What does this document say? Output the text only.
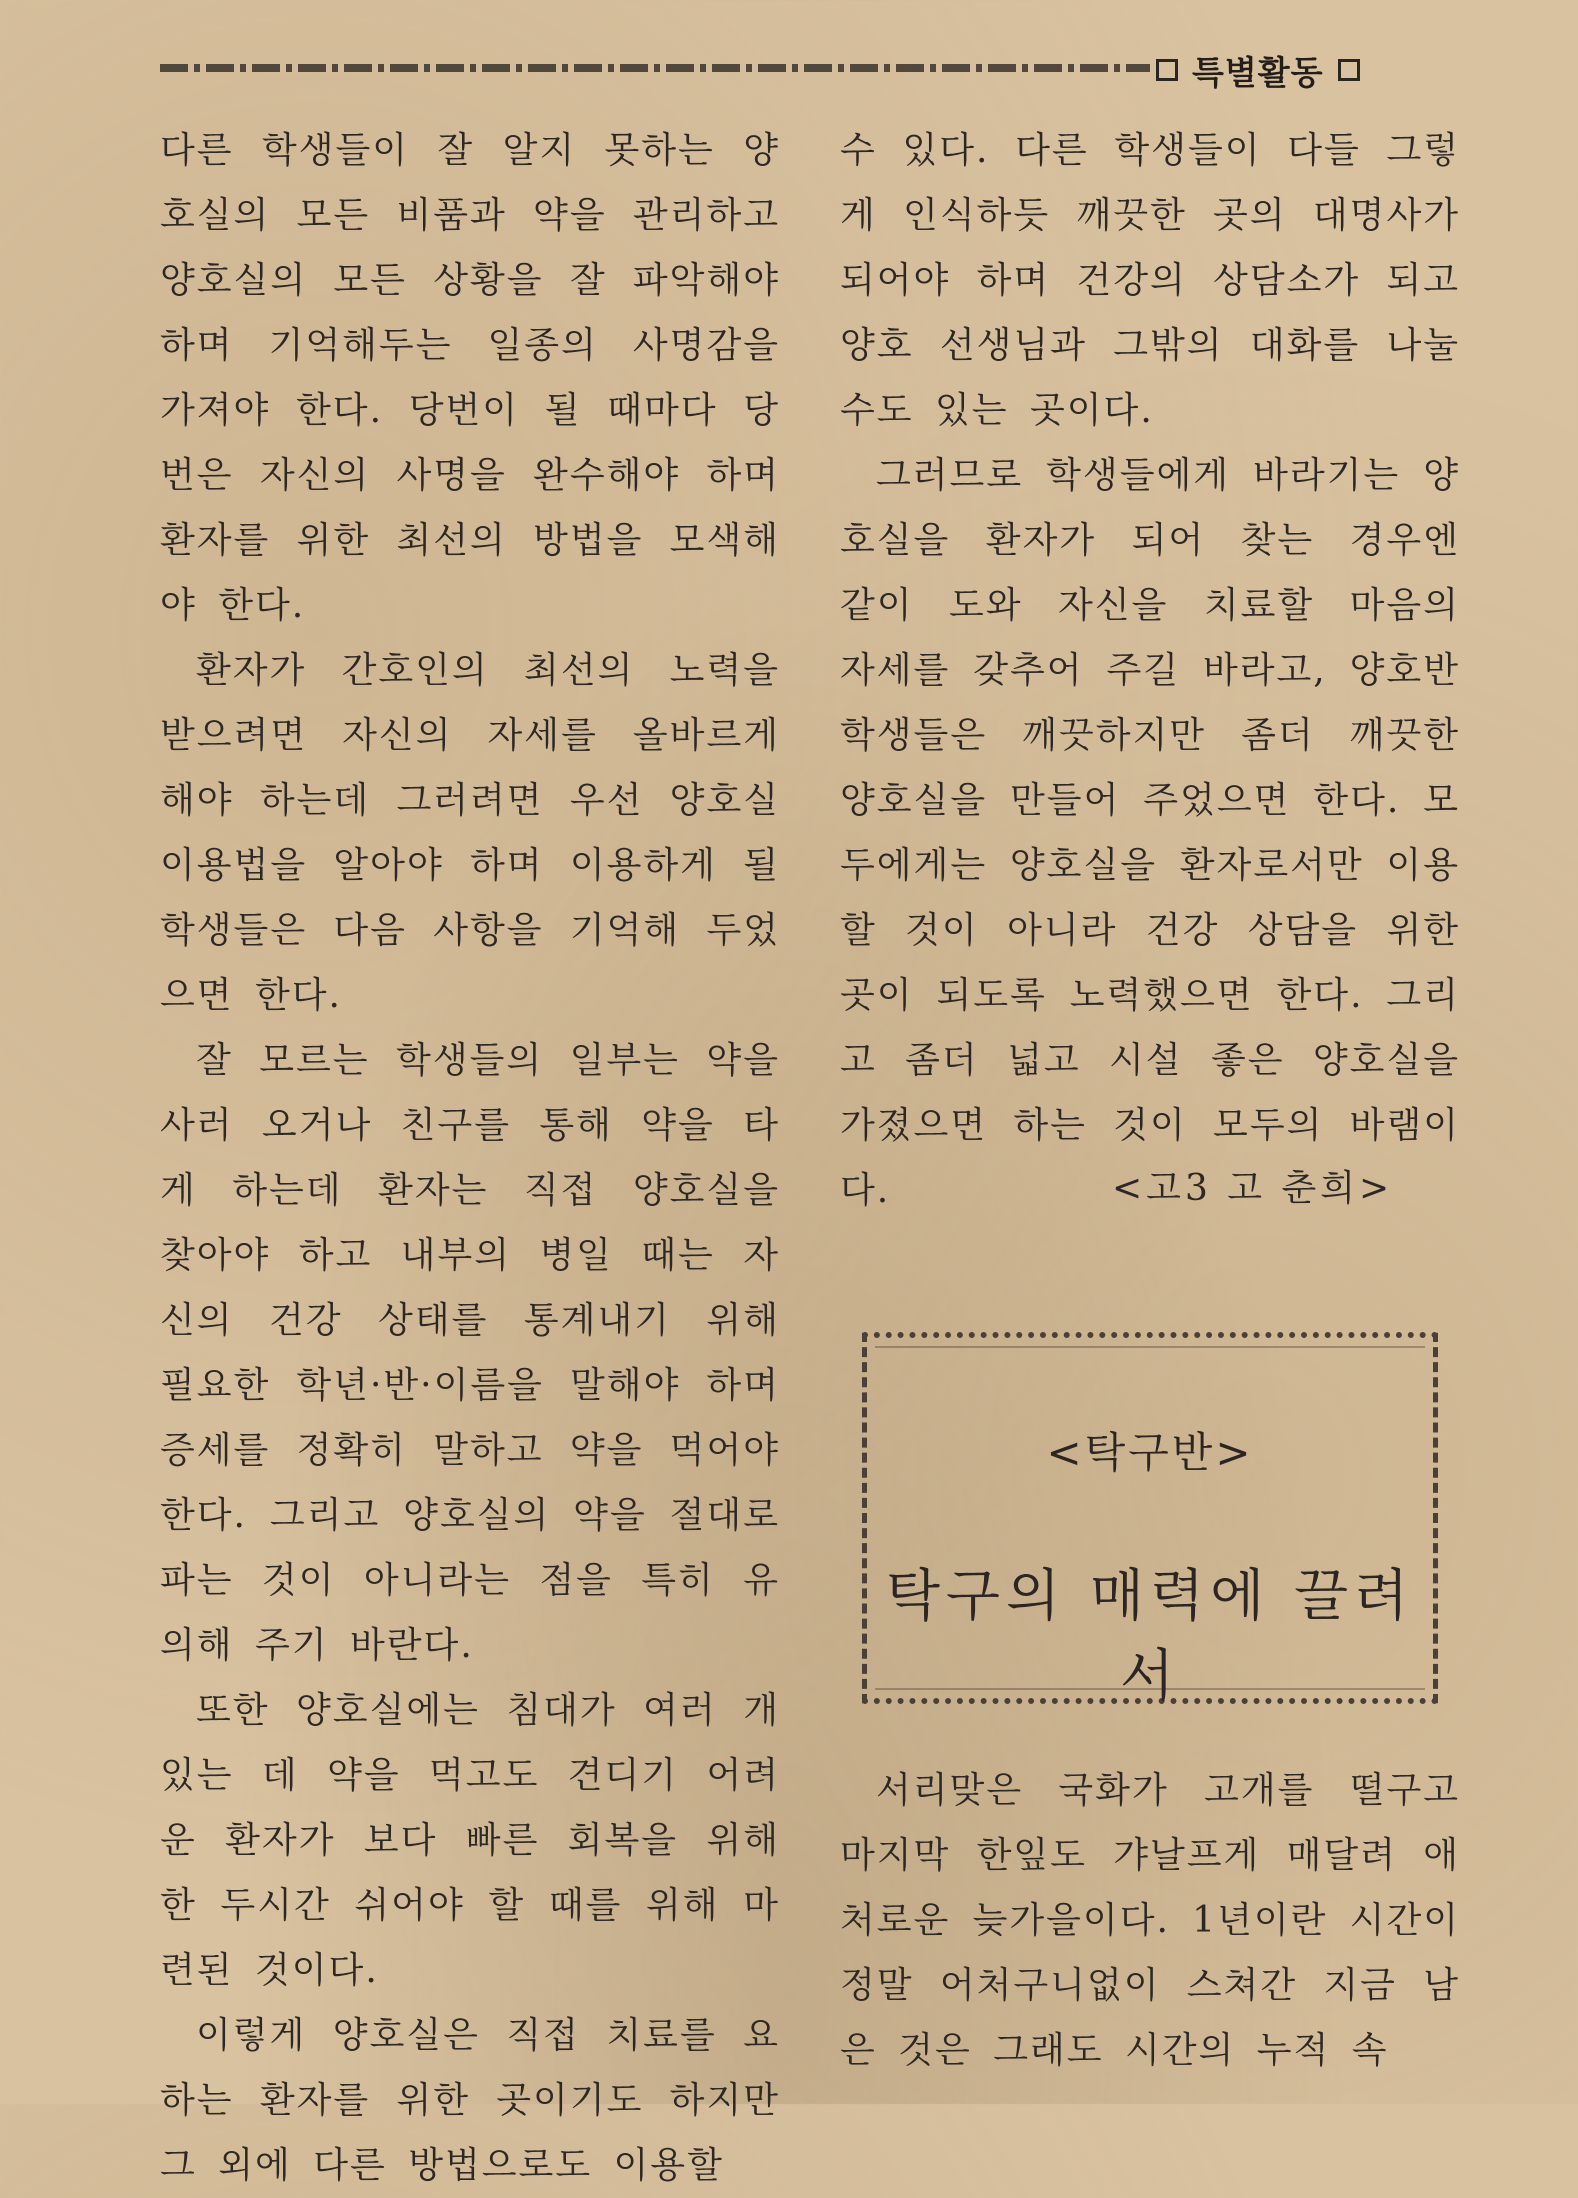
특별활동

다른 학생들이 잘 알지 못하는 양호실의 모든 비품과 약을 관리하고 양호실의 모든 상황을 잘 파악해야 하며 기억해두는 일종의 사명감을 가져야 한다. 당번이 될 때마다 당번은 자신의 사명을 완수해야 하며 환자를 위한 최선의 방법을 모색해야 한다.

환자가 간호인의 최선의 노력을 받으려면 자신의 자세를 올바르게 해야 하는데 그러려면 우선 양호실 이용법을 알아야 하며 이용하게 될 학생들은 다음 사항을 기억해 두었으면 한다.

잘 모르는 학생들의 일부는 약을 사러 오거나 친구를 통해 약을 타게 하는데 환자는 직접 양호실을 찾아야 하고 내부의 병일 때는 자신의 건강 상태를 통계내기 위해 필요한 학년·반·이름을 말해야 하며 증세를 정확히 말하고 약을 먹어야 한다. 그리고 양호실의 약을 절대로 파는 것이 아니라는 점을 특히 유의해 주기 바란다.

또한 양호실에는 침대가 여러 개 있는 데 약을 먹고도 견디기 어려운 환자가 보다 빠른 회복을 위해 한 두시간 쉬어야 할 때를 위해 마련된 것이다.

이렇게 양호실은 직접 치료를 요하는 환자를 위한 곳이기도 하지만 그 외에 다른 방법으로도 이용할

수 있다. 다른 학생들이 다들 그렇게 인식하듯 깨끗한 곳의 대명사가 되어야 하며 건강의 상담소가 되고 양호 선생님과 그밖의 대화를 나눌 수도 있는 곳이다.

그러므로 학생들에게 바라기는 양호실을 환자가 되어 찾는 경우엔 같이 도와 자신을 치료할 마음의 자세를 갖추어 주길 바라고, 양호반 학생들은 깨끗하지만 좀더 깨끗한 양호실을 만들어 주었으면 한다. 모두에게는 양호실을 환자로서만 이용할 것이 아니라 건강 상담을 위한 곳이 되도록 노력했으면 한다. 그리고 좀더 넓고 시설 좋은 양호실을 가졌으면 하는 것이 모두의 바램이다.	<고3 고 춘희>
<탁구반>
탁구의 매력에 끌려서

서리맞은 국화가 고개를 떨구고 마지막 한잎도 갸날프게 매달려 애처로운 늦가을이다. 1년이란 시간이 정말 어처구니없이 스쳐간 지금 남은 것은 그래도 시간의 누적 속
